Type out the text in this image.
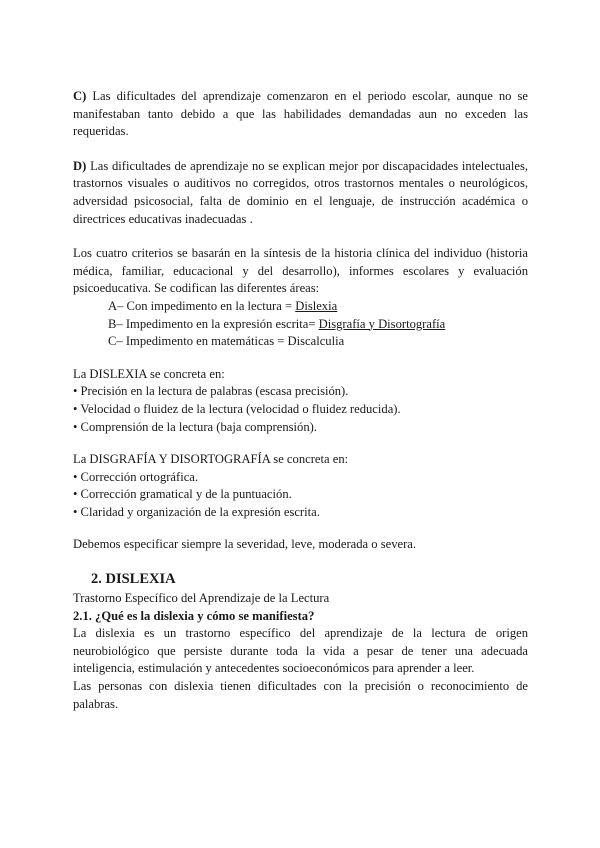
C) Las dificultades del aprendizaje comenzaron en el periodo escolar, aunque no se manifestaban tanto debido a que las habilidades demandadas aun no exceden las requeridas.

D) Las dificultades de aprendizaje no se explican mejor por discapacidades intelectuales, trastornos visuales o auditivos no corregidos, otros trastornos mentales o neurológicos, adversidad psicosocial, falta de dominio en el lenguaje, de instrucción académica o directrices educativas inadecuadas .

Los cuatro criterios se basarán en la síntesis de la historia clínica del individuo (historia médica, familiar, educacional y del desarrollo), informes escolares y evaluación psicoeducativa. Se codifican las diferentes áreas:

A– Con impedimento en la lectura = Dislexia

B– Impedimento en la expresión escrita= Disgrafía y Disortografía

C– Impedimento en matemáticas = Discalculia

La DISLEXIA se concreta en:

• Precisión en la lectura de palabras (escasa precisión).

• Velocidad o fluidez de la lectura (velocidad o fluidez reducida).

• Comprensión de la lectura (baja comprensión).

La DISGRAFÍA Y DISORTOGRAFÍA se concreta en:

• Corrección ortográfica.

• Corrección gramatical y de la puntuación.

• Claridad y organización de la expresión escrita.

Debemos especificar siempre la severidad, leve, moderada o severa.

2. DISLEXIA

Trastorno Específico del Aprendizaje de la Lectura

2.1. ¿Qué es la dislexia y cómo se manifiesta?

La dislexia es un trastorno específico del aprendizaje de la lectura de origen neurobiológico que persiste durante toda la vida a pesar de tener una adecuada inteligencia, estimulación y antecedentes socioeconómicos para aprender a leer.

Las personas con dislexia tienen dificultades con la precisión o reconocimiento de palabras.
